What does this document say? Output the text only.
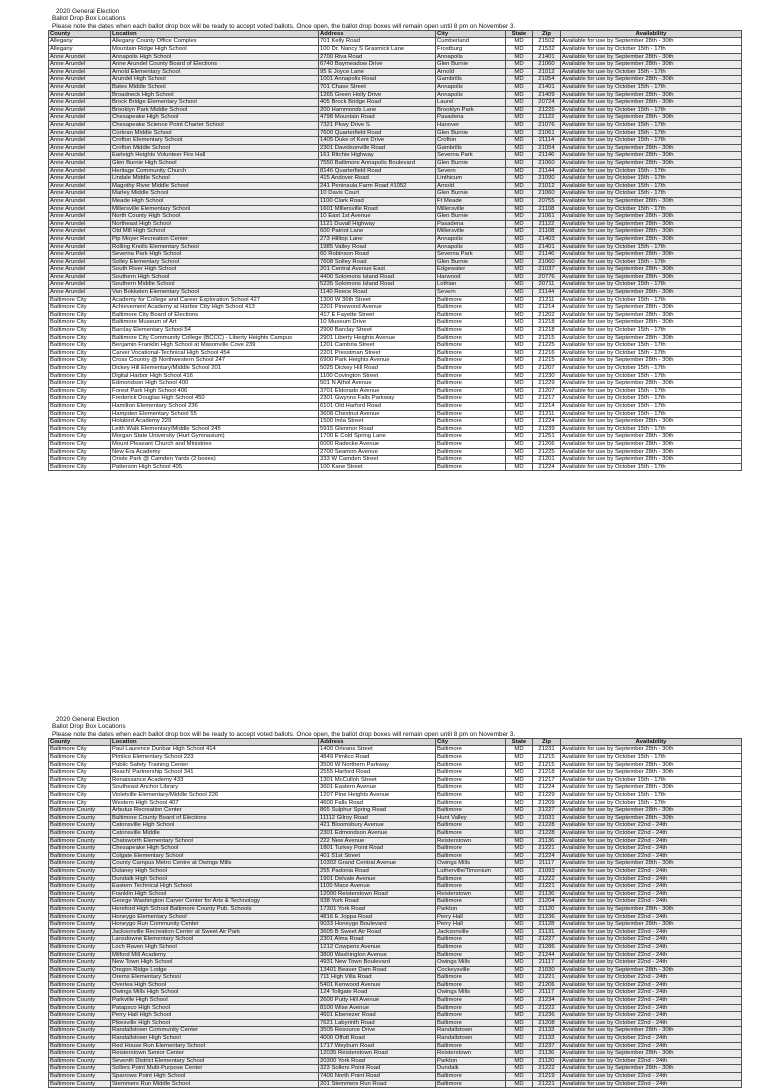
2020 General Election
Ballot Drop Box Locations
Please note the dates when each ballot drop box will be ready to accept voted ballots. Once open, the ballot drop boxes will remain open until 8 pm on November 3.
County	Location	Address	City	State	Zip	Availability
Allegany	Allegany County Office Complex	701 Kelly Road	Cumberland	MD	21502	Available for use by September 28th - 30th
Allegany	Mountain Ridge High School	100 Dr. Nancy S Grasmick Lane	Frostburg	MD	21532	Available for use by October 15th - 17th
Anne Arundel	Annapolis High School	2700 Riva Road	Annapolis	MD	21401	Available for use by September 28th - 30th
Anne Arundel	Anne Arundel County Board of Elections	6740 Baymeadow Drive	Glen Burnie	MD	21060	Available for use by September 28th - 30th
Anne Arundel	Arnold Elementary School	95 E Joyce Lane	Arnold	MD	21012	Available for use by October 15th - 17th
Anne Arundel	Arundel High School	1001 Annapolis Road	Gambrills	MD	21054	Available for use by September 28th - 30th
Anne Arundel	Bates Middle School	701 Chase Street	Annapolis	MD	21401	Available for use by October 15th - 17th
Anne Arundel	Broadneck High School	1265 Green Holly Drive	Annapolis	MD	21409	Available for use by September 28th - 30th
Anne Arundel	Brock Bridge Elementary School	405 Brock Bridge Road	Laurel	MD	20724	Available for use by September 28th - 30th
Anne Arundel	Brooklyn Park Middle School	200 Hammonds Lane	Brooklyn Park	MD	21225	Available for use by October 15th - 17th
Anne Arundel	Chesapeake High School	4798 Mountain Road	Pasadena	MD	21122	Available for use by September 28th - 30th
Anne Arundel	Chesapeake Science Point Charter School	7321 Pkwy Drive S	Hanover	MD	21076	Available for use by October 15th - 17th
Anne Arundel	Corkran Middle School	7600 Quarterfield Road	Glen Burnie	MD	21061	Available for use by October 15th - 17th
Anne Arundel	Crofton Elementary School	1405 Duke of Kent Drive	Crofton	MD	21114	Available for use by October 15th - 17th
Anne Arundel	Crofton Middle School	2301 Davidsonville Road	Gambrills	MD	21054	Available for use by September 28th - 30th
Anne Arundel	Earleigh Heights Volunteer Fire Hall	161 Ritchie Highway	Severna Park	MD	21146	Available for use by September 28th - 30th
Anne Arundel	Glen Burnie High School	7550 Baltimore Annapolis Boulevard	Glen Burnie	MD	21060	Available for use by September 28th - 30th
Anne Arundel	Heritage Community Church	8146 Quarterfield Road	Severn	MD	21144	Available for use by October 15th - 17th
Anne Arundel	Lindale Middle School	415 Andover Road	Linthicum	MD	21090	Available for use by October 15th - 17th
Anne Arundel	Magothy River Middle School	241 Peninsula Farm Road #1052	Arnold	MD	21012	Available for use by October 15th - 17th
Anne Arundel	Marley Middle School	10 Davis Court	Glen Burnie	MD	21060	Available for use by October 15th - 17th
Anne Arundel	Meade High School	1100 Clark Road	Ft Meade	MD	20755	Available for use by September 28th - 30th
Anne Arundel	Millersville Elementary School	1601 Millersville Road	Millersville	MD	21108	Available for use by October 15th - 17th
Anne Arundel	North County High School	10 East 1st Avenue	Glen Burnie	MD	21061	Available for use by September 28th - 30th
Anne Arundel	Northeast High School	1121 Duvall Highway	Pasadena	MD	21122	Available for use by September 28th - 30th
Anne Arundel	Old Mill High School	600 Patriot Lane	Millersville	MD	21108	Available for use by September 28th - 30th
Anne Arundel	Pip Moyer Recreation Center	273 Hilltop Lane	Annapolis	MD	21403	Available for use by September 28th - 30th
Anne Arundel	Rolling Knolls Elementary School	1985 Valley Road	Annapolis	MD	21401	Available for use by October 15th - 17th
Anne Arundel	Severna Park High School	60 Robinson Road	Severna Park	MD	21146	Available for use by September 28th - 30th
Anne Arundel	Solley Elementary School	7608 Solley Road	Glen Burnie	MD	21060	Available for use by October 15th - 17th
Anne Arundel	South River High School	201 Central Avenue East	Edgewater	MD	21037	Available for use by September 28th - 30th
Anne Arundel	Southern High School	4400 Solomons Island Road	Harwood	MD	20776	Available for use by September 28th - 30th
Anne Arundel	Southern Middle School	5235 Solomons Island Road	Lothian	MD	20711	Available for use by October 15th - 17th
Anne Arundel	Van Bokkelen Elementary School	1140 Reece Road	Severn	MD	21144	Available for use by September 28th - 30th
Baltimore City	Academy for College and Career Exploration School 427	1300 W 36th Street	Baltimore	MD	21211	Available for use by October 15th - 17th
Baltimore City	Achievement Academy at Harbor City High School 413	2201 Pinewood Avenue	Baltimore	MD	21214	Available for use by September 28th - 30th
Baltimore City	Baltimore City Board of Elections	417 E Fayette Street	Baltimore	MD	21202	Available for use by September 28th - 30th
Baltimore City	Baltimore Museum of Art	10 Museum Drive	Baltimore	MD	21218	Available for use by September 28th - 30th
Baltimore City	Barclay Elementary School 54	2900 Barclay Street	Baltimore	MD	21218	Available for use by October 15th - 17th
Baltimore City	Baltimore City Community College (BCCC) - Liberty Heights Campus	2901 Liberty Heights Avenue	Baltimore	MD	21215	Available for use by September 28th - 30th
Baltimore City	Benjamin Franklin High School at Masonville Cove 239	1201 Cambria Street	Baltimore	MD	21225	Available for use by October 15th - 17th
Baltimore City	Carver Vocational-Technical High School 454	2201 Presstman Street	Baltimore	MD	21216	Available for use by October 15th - 17th
Baltimore City	Cross Country @ Northwestern School 247	6900 Park Heights Avenue	Baltimore	MD	21215	Available for use by September 28th - 30th
Baltimore City	Dickey Hill Elementary/Middle School 201	5025 Dickey Hill Road	Baltimore	MD	21207	Available for use by October 15th - 17th
Baltimore City	Digital Harbor High School 416	1100 Covington Street	Baltimore	MD	21230	Available for use by October 15th - 17th
Baltimore City	Edmondson High School 400	501 N Athol Avenue	Baltimore	MD	21229	Available for use by September 28th - 30th
Baltimore City	Forest Park High School 406	3701 Eldorado Avenue	Baltimore	MD	21207	Available for use by October 15th - 17th
Baltimore City	Frederick Douglas High School 450	2301 Gwynns Falls Parkway	Baltimore	MD	21217	Available for use by October 15th - 17th
Baltimore City	Hamilton Elementary School 236	6101 Old Harford Road	Baltimore	MD	21214	Available for use by October 15th - 17th
Baltimore City	Hampden Elementary School 55	3608 Chestnut Avenue	Baltimore	MD	21211	Available for use by October 15th - 17th
Baltimore City	Holabird Academy 229	1500 Imla Street	Baltimore	MD	21224	Available for use by September 28th - 30th
Baltimore City	Leith Walk Elementary/Middle School 245	5915 Glenmor Road	Baltimore	MD	21239	Available for use by October 15th - 17th
Baltimore City	Morgan State University (Hurt Gymnasium)	1700 E Cold Spring Lane	Baltimore	MD	21251	Available for use by September 28th - 30th
Baltimore City	Mount Pleasant Church and Ministries	6000 Radecke Avenue	Baltimore	MD	21206	Available for use by September 28th - 30th
Baltimore City	New Era Academy	2700 Seamon Avenue	Baltimore	MD	21225	Available for use by September 28th - 30th
Baltimore City	Oriole Park @ Camden Yards (2 boxes)	333 W Camden Street	Baltimore	MD	21201	Available for use by September 28th - 30th
Baltimore City	Patterson High School 405	100 Kane Street	Baltimore	MD	21224	Available for use by October 15th - 17th
2020 General Election
Ballot Drop Box Locations
Please note the dates when each ballot drop box will be ready to accept voted ballots. Once open, the ballot drop boxes will remain open until 8 pm on November 3.
County	Location	Address	City	State	Zip	Availability
Baltimore City	Paul Laurence Dunbar High School 414	1400 Orleans Street	Baltimore	MD	21231	Available for use by September 28th - 30th
Baltimore City	Pimlico Elementary School 223	4849 Pimlico Road	Baltimore	MD	21215	Available for use by October 15th - 17th
Baltimore City	Public Safety Training Center	3500 W Northern Parkway	Baltimore	MD	21215	Available for use by September 28th - 30th
Baltimore City	Reach! Partnership School 341	2555 Harford Road	Baltimore	MD	21218	Available for use by September 28th - 30th
Baltimore City	Renaissance Academy 433	1301 McCulloh Street	Baltimore	MD	21217	Available for use by October 15th - 17th
Baltimore City	Southeast Anchor Library	3601 Eastern Avenue	Baltimore	MD	21224	Available for use by September 28th - 30th
Baltimore City	Violetville Elementary/Middle School 226	1207 Pine Heights Avenue	Baltimore	MD	21229	Available for use by October 15th - 17th
Baltimore City	Western High School 407	4600 Falls Road	Baltimore	MD	21209	Available for use by October 15th - 17th
Baltimore County	Arbutus Recreation Center	865 Sulphur Spring Road	Baltimore	MD	21227	Available for use by September 28th - 30th
Baltimore County	Baltimore County Board of Elections	11112 Gilroy Road	Hunt Valley	MD	21031	Available for use by September 28th - 30th
Baltimore County	Catonsville High School	421 Bloomsbury Avenue	Baltimore	MD	21228	Available for use by October 22nd - 24th
Baltimore County	Catonsville Middle	2301 Edmondson Avenue	Baltimore	MD	21228	Available for use by October 22nd - 24th
Baltimore County	Chatsworth Elementary School	222 New Avenue	Reisterstown	MD	21136	Available for use by October 22nd - 24th
Baltimore County	Chesapeake High School	1801 Turkey Point Road	Baltimore	MD	21221	Available for use by October 22nd - 24th
Baltimore County	Colgate Elementary School	401 51st Street	Baltimore	MD	21224	Available for use by October 22nd - 24th
Baltimore County	County Campus Metro Centre at Owings Mills	10302 Grand Central Avenue	Owings Mills	MD	21117	Available for use by September 28th - 30th
Baltimore County	Dulaney High School	255 Padonia Road	Lutherville/Timonium	MD	21093	Available for use by October 22nd - 24th
Baltimore County	Dundalk High School	1901 Delvale Avenue	Baltimore	MD	21222	Available for use by October 22nd - 24th
Baltimore County	Eastern Technical High School	1100 Mace Avenue	Baltimore	MD	21221	Available for use by October 22nd - 24th
Baltimore County	Franklin High School	12000 Reisterstown Road	Reisterstown	MD	21136	Available for use by October 22nd - 24th
Baltimore County	George Washington Carver Center for Arts & Technology	938 York Road	Baltimore	MD	21204	Available for use by October 22nd - 24th
Baltimore County	Hereford High School Baltimore County Pub. Schools	17301 York Road	Parkton	MD	21120	Available for use by September 28th - 30th
Baltimore County	Honeygo Elementary School	4816 E Joppa Road	Perry Hall	MD	21236	Available for use by October 22nd - 24th
Baltimore County	Honeygo Run Community Center	9033 Honeygo Boulevard	Perry Hall	MD	21128	Available for use by September 28th - 30th
Baltimore County	Jacksonville Recreation Center at Sweet Air Park	3605 B Sweet Air Road	Jacksonville	MD	21131	Available for use by October 22nd - 24th
Baltimore County	Lansdowne Elementary School	2301 Alma Road	Baltimore	MD	21227	Available for use by October 22nd - 24th
Baltimore County	Loch Raven High School	1212 Cowpens Avenue	Baltimore	MD	21286	Available for use by October 22nd - 24th
Baltimore County	Milford Mill Academy	3800 Washington Avenue	Baltimore	MD	21244	Available for use by October 22nd - 24th
Baltimore County	New Town High School	4931 New Town Boulevard	Owings Mills	MD	21117	Available for use by October 22nd - 24th
Baltimore County	Oregon Ridge Lodge	13401 Beaver Dam Road	Cockeysville	MD	21030	Available for use by September 28th - 30th
Baltimore County	Orems Elementary School	711 High Villa Road	Baltimore	MD	21221	Available for use by October 22nd - 24th
Baltimore County	Overlea High School	5401 Kenwood Avenue	Baltimore	MD	21206	Available for use by October 22nd - 24th
Baltimore County	Owings Mills High School	124 Tollgate Road	Owings Mills	MD	21117	Available for use by October 22nd - 24th
Baltimore County	Parkville High School	2600 Putty Hill Avenue	Baltimore	MD	21234	Available for use by October 22nd - 24th
Baltimore County	Patapsco High School	8100 Wise Avenue	Baltimore	MD	21222	Available for use by October 22nd - 24th
Baltimore County	Perry Hall High School	4601 Ebenezer Road	Baltimore	MD	21236	Available for use by October 22nd - 24th
Baltimore County	Pikesville High School	7621 Labyrinth Road	Baltimore	MD	21208	Available for use by October 22nd - 24th
Baltimore County	Randallstown Community Center	3505 Resource Drive	Randallstown	MD	21133	Available for use by September 28th - 30th
Baltimore County	Randallstown High School	4000 Offutt Road	Randallstown	MD	21133	Available for use by October 22nd - 24th
Baltimore County	Red House Run Elementary School	1717 Weyburn Road	Baltimore	MD	21237	Available for use by October 22nd - 24th
Baltimore County	Reisterstown Senior Center	12035 Reisterstown Road	Reisterstown	MD	21136	Available for use by September 28th - 30th
Baltimore County	Seventh District Elementary School	20300 York Road	Parkton	MD	21120	Available for use by October 22nd - 24th
Baltimore County	Sollers Point Multi-Purpose Center	323 Sollers Point Road	Dundalk	MD	21222	Available for use by September 28th - 30th
Baltimore County	Sparrows Point High School	7400 North Point Road	Baltimore	MD	21219	Available for use by October 22nd - 24th
Baltimore County	Stemmers Run Middle School	201 Stemmers Run Road	Baltimore	MD	21221	Available for use by October 22nd - 24th
